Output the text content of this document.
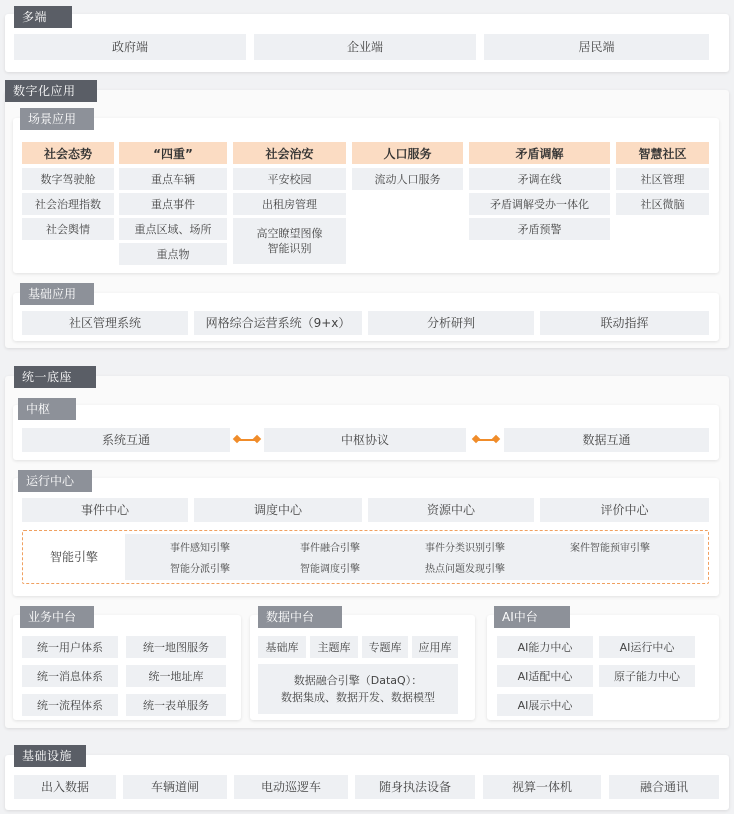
多端
政府端	企业端	居民端
数字化应用
场景应用
社会态势
数字驾驶舱
社会治理指数
社会舆情
“四重”
重点车辆
重点事件
重点区域、场所
重点物
社会治安
平安校园
出租房管理
高空瞭望图像
智能识别
人口服务
流动人口服务
矛盾调解
矛调在线
矛盾调解受办一体化
矛盾预警
智慧社区
社区管理
社区微脑
基础应用
社区管理系统	网格综合运营系统（9+x）	分析研判	联动指挥
统一底座
中枢
系统互通	中枢协议	数据互通
运行中心
事件中心	调度中心	资源中心	评价中心
智能引擎
事件感知引擎	事件融合引擎	事件分类识别引擎	案件智能预审引擎
智能分派引擎	智能调度引擎	热点问题发现引擎
业务中台
统一用户体系	统一地图服务
统一消息体系	统一地址库
统一流程体系	统一表单服务
数据中台
基础库	主题库	专题库	应用库
数据融合引擎（DataQ）：
数据集成、数据开发、数据模型
AI中台
AI能力中心	AI运行中心
AI适配中心	原子能力中心
AI展示中心
基础设施
出入数据	车辆道闸	电动巡逻车	随身执法设备	视算一体机	融合通讯
